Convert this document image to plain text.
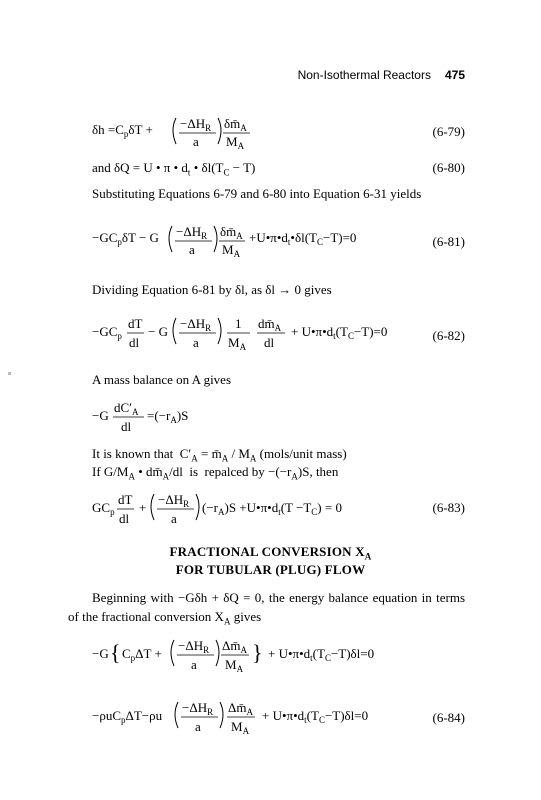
Non-Isothermal Reactors 475
$\delta h =C_p\delta T + -\Delta H_R$
a
$\delta m̄_A$
$M_A$
(6-79)
and δQ = U • π • $d_t$ • $\delta l(T_C - T)$	(6-80)
Substituting Equations 6-79 and 6-80 into Equation 6-31 yields
$-GC_p\delta T - G -\Delta H_R$
a
$\delta m̄_A$
$M_A$
$+U•\pi•d_t•\delta l(T_C-T)=0$	(6-81)
Dividing Equation 6-81 by δl, as δl → 0 gives
$-GC_p$
dT
dl
− G
$-\Delta H_R$
a
1
$M_A$
$dm̄_A$
dl
+ $U•\pi•d_t(T_C-T)=0$	(6-82)
A mass balance on A gives
−G
$dC'_A$
dl
$=(-r_A)S$
It is known that  $C'_A$ = $m̄_A / M_A$ (mols/unit mass)
If $G/M_A$ • $dm̄_A/dl$  is  repalced by $-(-r_A)S$, then
$GC_p$
dT
dl
+
$-\Delta H_R$
a
$(-r_A)S$ $+U•\pi•d_t(T -T_C) = 0$	(6-83)
FRACTIONAL CONVERSION $X_A$
FOR TUBULAR (PLUG) FLOW
Beginning with −Gδh + δQ = 0, the energy balance equation in terms of the fractional conversion $X_A$ gives
−G { $C_p\Delta T$ +
$-\Delta H_R$
a
$\Delta m̄_A$
$M_A$
} + $U•\pi•d_t(T_C-T)\delta l=0$
−ρuC$_p$ΔT−ρu
$-\Delta H_R$
a
$\Delta m̄_A$
$M_A$
+ $U•\pi•d_t(T_C-T)\delta l=0$	(6-84)
